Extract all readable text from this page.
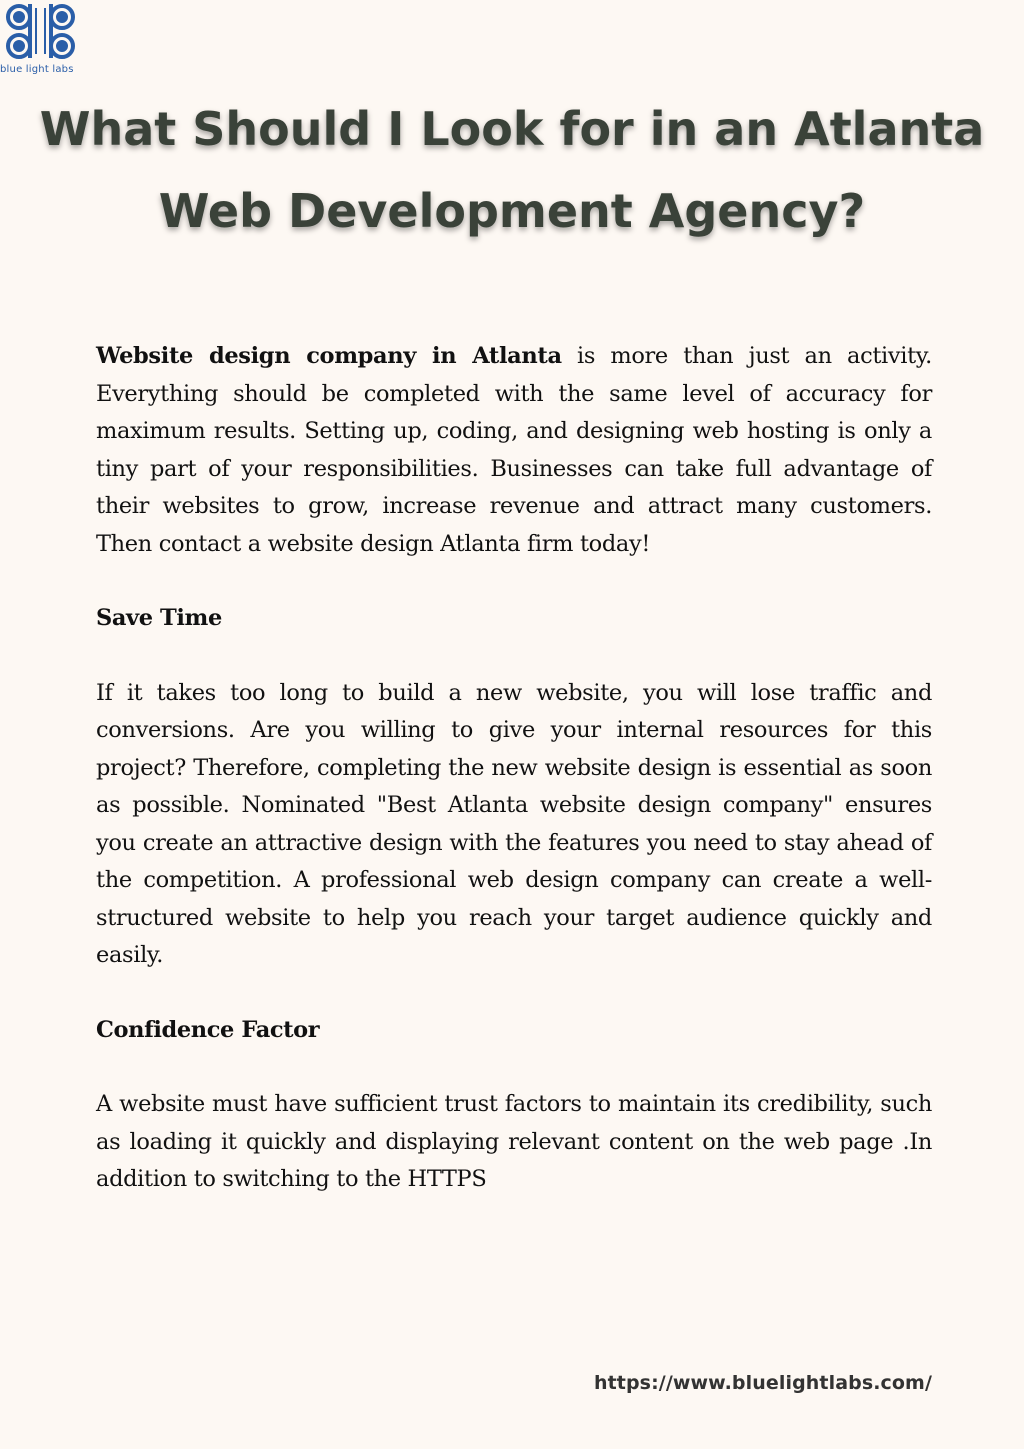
blue light labs
What Should I Look for in an Atlanta
Web Development Agency?

Website design company in Atlanta is more than just an activity. Everything should be completed with the same level of accuracy for maximum results. Setting up, coding, and designing web hosting is only a tiny part of your responsibilities. Businesses can take full advantage of their websites to grow, increase revenue and attract many customers. Then contact a website design Atlanta firm today!

Save Time

If it takes too long to build a new website, you will lose traffic and conversions. Are you willing to give your internal resources for this project? Therefore, completing the new website design is essential as soon as possible. Nominated "Best Atlanta website design company" ensures you create an attractive design with the features you need to stay ahead of the competition. A professional web design company can create a well-structured website to help you reach your target audience quickly and easily.

Confidence Factor

A website must have sufficient trust factors to maintain its credibility, such as loading it quickly and displaying relevant content on the web page .In addition to switching to the HTTPS

https://www.bluelightlabs.com/
